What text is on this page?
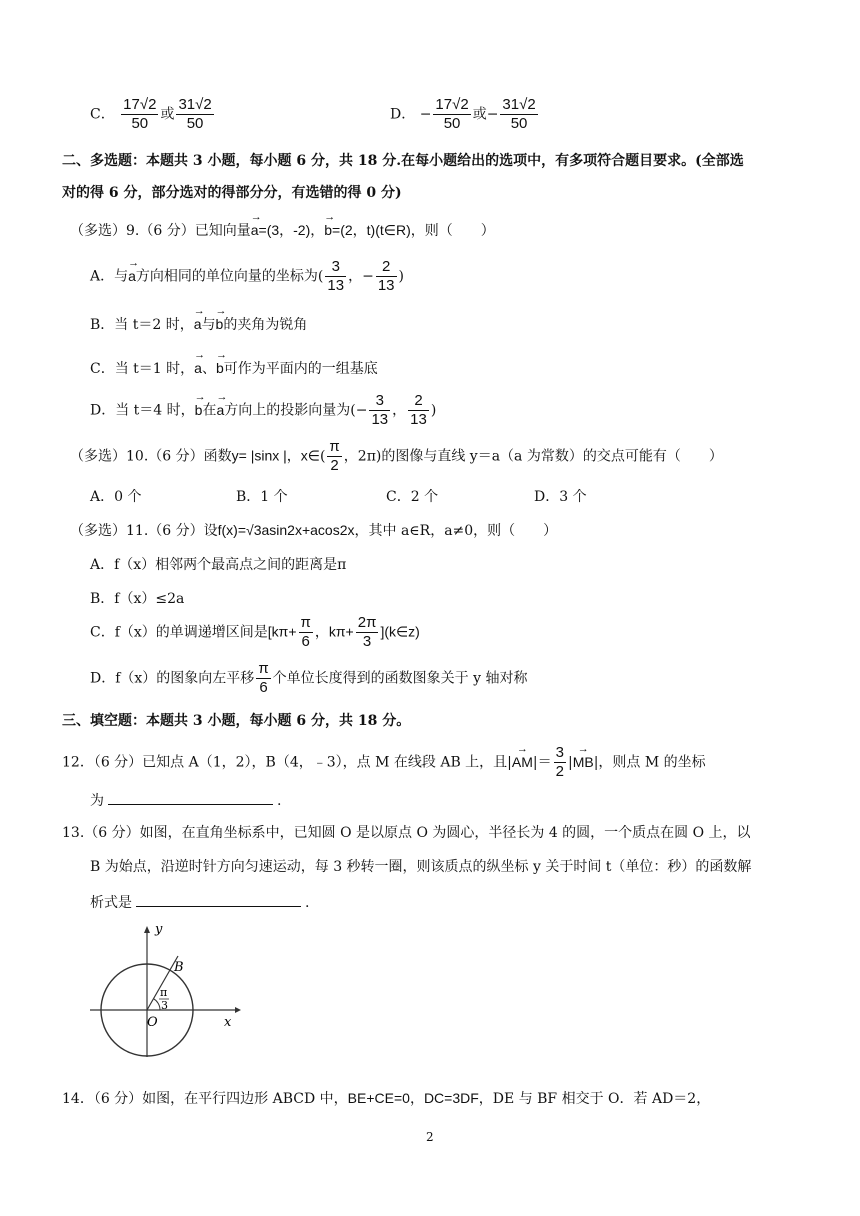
C． $\frac{17√2}{50}$ 或 $\frac{31√2}{50}$	D． − $\frac{17√2}{50}$ 或− $\frac{31√2}{50}$
二、多选题：本题共 3 小题，每小题 6 分，共 18 分.在每小题给出的选项中，有多项符合题目要求。(全部选
对的得 6 分，部分选对的得部分分，有选错的得 0 分)
（多选）9.（6 分）已知向量→ a=(3，-2)，→ b=(2，t)(t∈R)，则（　　）
A．与→ a方向相同的单位向量的坐标为( $\frac{3}{13}$ ，− $\frac{2}{13}$ )
B．当 t＝2 时，→ a与→ b的夹角为锐角
C．当 t＝1 时，→ a、→ b可作为平面内的一组基底
D．当 t＝4 时，→ b在→ a方向上的投影向量为(− $\frac{3}{13}$ ， $\frac{2}{13}$ )
（多选）10.（6 分）函数y= |sinx |，x∈( $\frac{\pi}{2}$ ，2π)的图像与直线 y＝a（a 为常数）的交点可能有（　　）
A．0 个	B．1 个	C．2 个	D．3 个
（多选）11.（6 分）设f(x)=√3asin2x+acos2x，其中 a∈R，a≠0，则（　　）
A．f（x）相邻两个最高点之间的距离是π
B．f（x）≤2a
C．f（x）的单调递增区间是[$k\pi+ \frac{\pi}{6}$ ，$k\pi+ \frac{2\pi}{3}$ ](k∈z)
D．f（x）的图象向左平移 $\frac{\pi}{6}$ 个单位长度得到的函数图象关于 y 轴对称
三、填空题：本题共 3 小题，每小题 6 分，共 18 分。
12．（6 分）已知点 A（1，2），B（4，﹣3），点 M 在线段 AB 上，且|→ $AM|= \frac{3}{2}$ |→ MB|，则点 M 的坐标
为	.
13.（6 分）如图，在直角坐标系中，已知圆 O 是以原点 O 为圆心，半径长为 4 的圆，一个质点在圆 O 上，以
B 为始点，沿逆时针方向匀速运动，每 3 秒转一圈，则该质点的纵坐标 y 关于时间 t（单位：秒）的函数解
析式是	.
y
x
O
B
π
3
14．（6 分）如图，在平行四边形 ABCD 中，BE+CE=0，DC=3DF，DE 与 BF 相交于 O．若 AD＝2，
2
